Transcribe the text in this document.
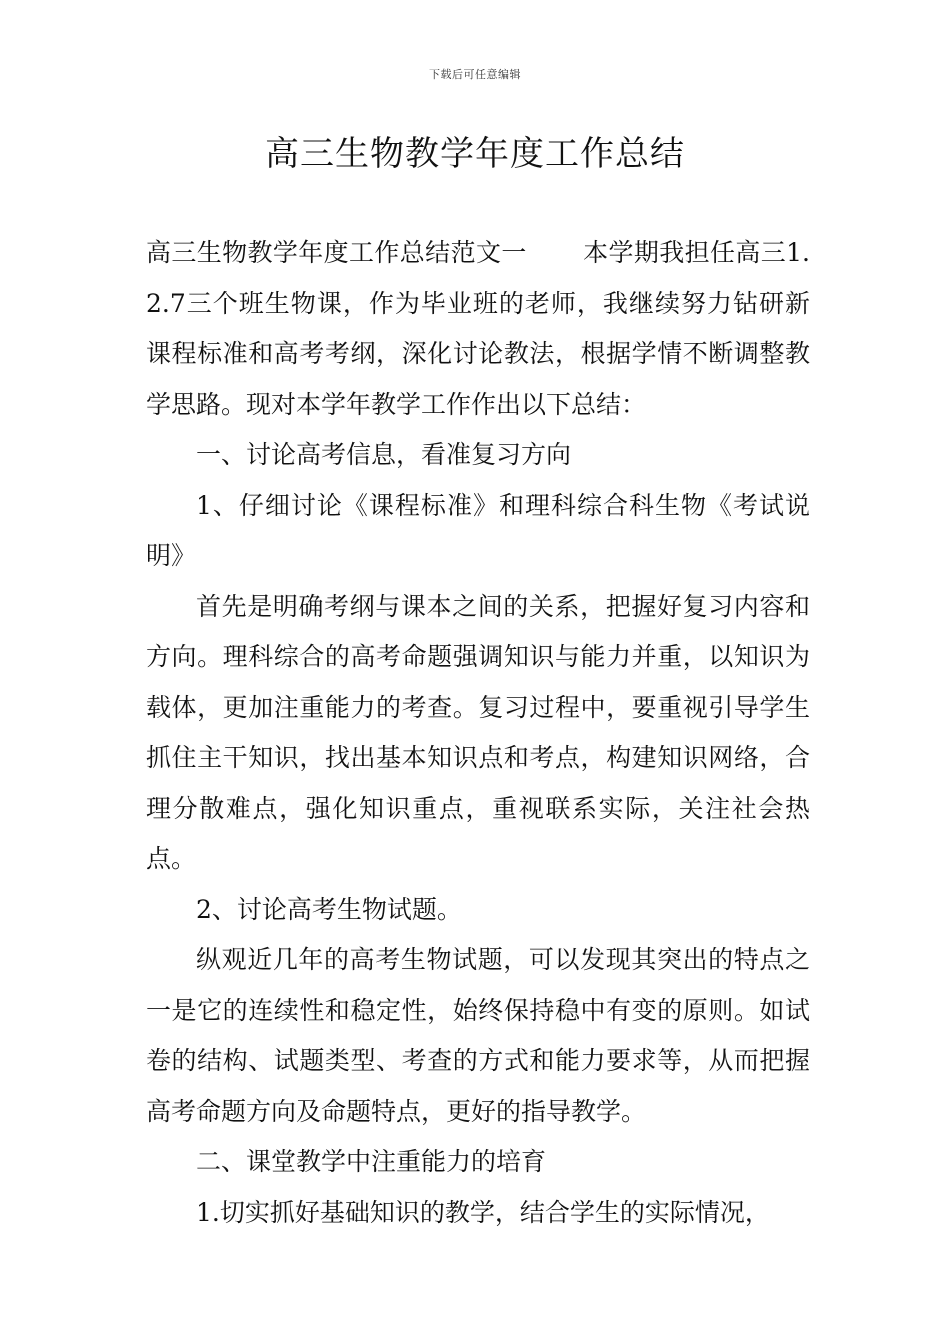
下载后可任意编辑
高三生物教学年度工作总结

高三生物教学年度工作总结范文一 本学期我担任高三1.2.7三个班生物课，作为毕业班的老师，我继续努力钻研新课程标准和高考考纲，深化讨论教法，根据学情不断调整教学思路。现对本学年教学工作作出以下总结：

一、讨论高考信息，看准复习方向

1、仔细讨论《课程标准》和理科综合科生物《考试说明》

首先是明确考纲与课本之间的关系，把握好复习内容和方向。理科综合的高考命题强调知识与能力并重，以知识为载体，更加注重能力的考查。复习过程中，要重视引导学生抓住主干知识，找出基本知识点和考点，构建知识网络，合理分散难点，强化知识重点，重视联系实际，关注社会热点。

2、讨论高考生物试题。

纵观近几年的高考生物试题，可以发现其突出的特点之一是它的连续性和稳定性，始终保持稳中有变的原则。如试卷的结构、试题类型、考查的方式和能力要求等，从而把握高考命题方向及命题特点，更好的指导教学。

二、课堂教学中注重能力的培育

1.切实抓好基础知识的教学，结合学生的实际情况，
